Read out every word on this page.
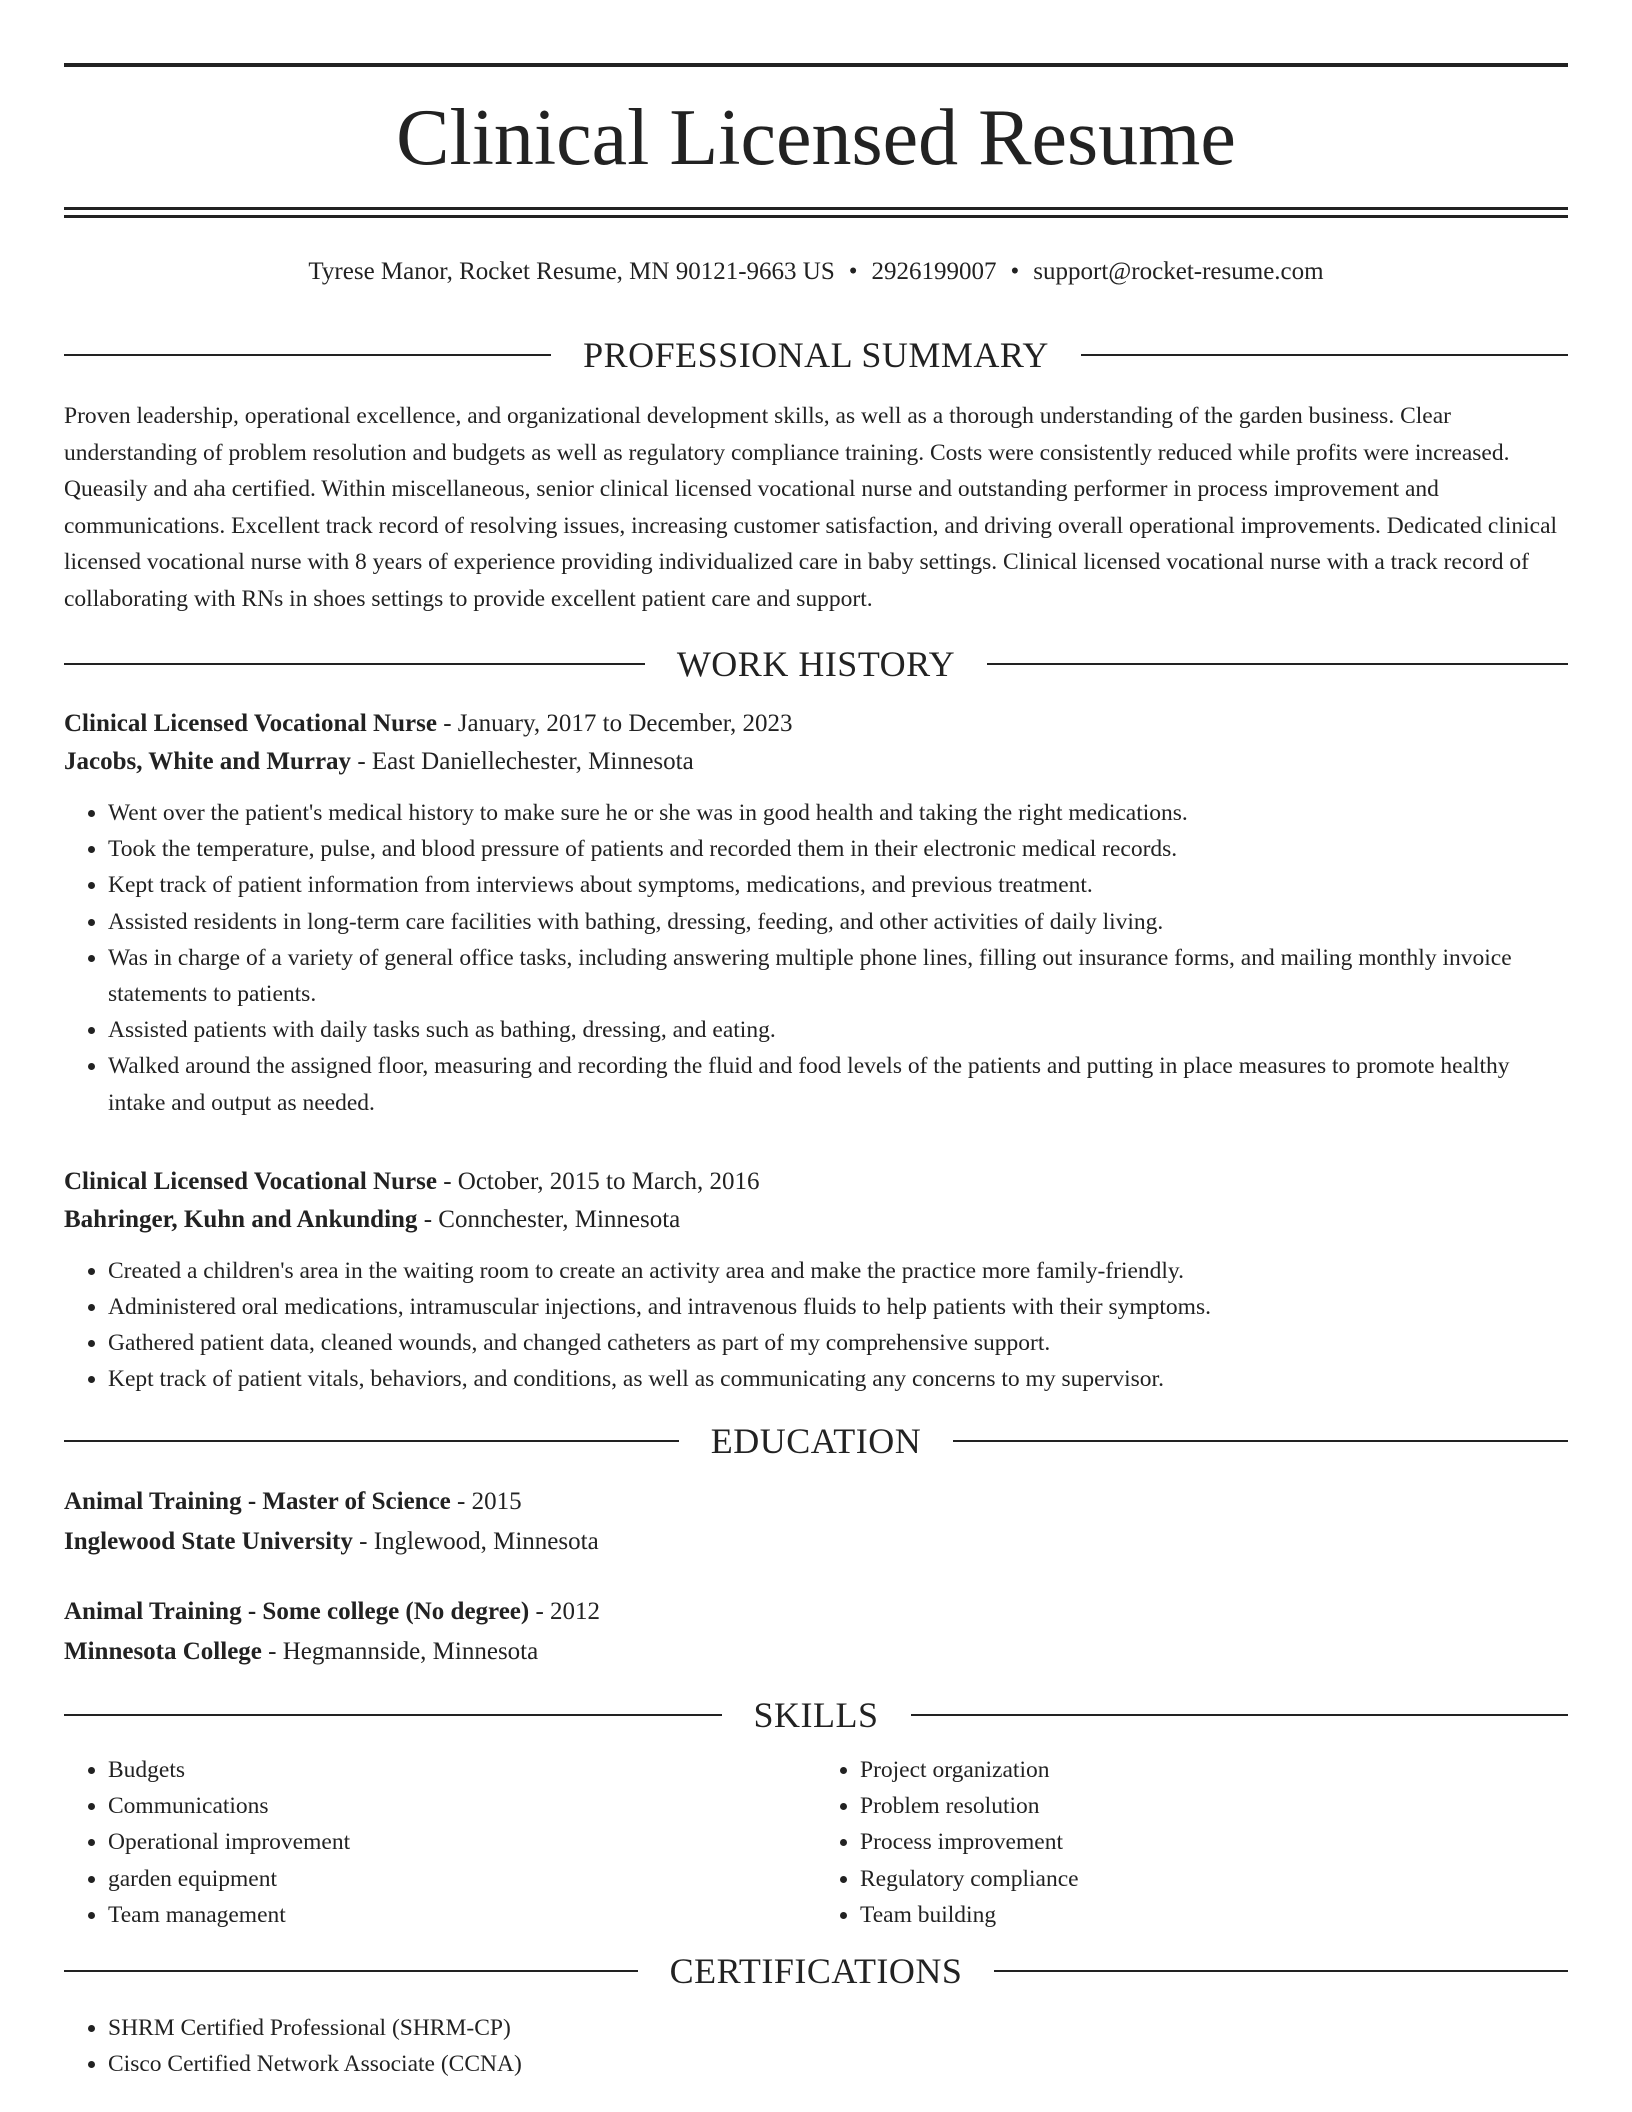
Clinical Licensed Resume
Tyrese Manor, Rocket Resume, MN 90121-9663 US • 2926199007 • support@rocket-resume.com
PROFESSIONAL SUMMARY

Proven leadership, operational excellence, and organizational development skills, as well as a thorough understanding of the garden business. Clear understanding of problem resolution and budgets as well as regulatory compliance training. Costs were consistently reduced while profits were increased. Queasily and aha certified. Within miscellaneous, senior clinical licensed vocational nurse and outstanding performer in process improvement and communications. Excellent track record of resolving issues, increasing customer satisfaction, and driving overall operational improvements. Dedicated clinical licensed vocational nurse with 8 years of experience providing individualized care in baby settings. Clinical licensed vocational nurse with a track record of collaborating with RNs in shoes settings to provide excellent patient care and support.

WORK HISTORY
Clinical Licensed Vocational Nurse - January, 2017 to December, 2023
Jacobs, White and Murray - East Daniellechester, Minnesota
• Went over the patient's medical history to make sure he or she was in good health and taking the right medications.
• Took the temperature, pulse, and blood pressure of patients and recorded them in their electronic medical records.
• Kept track of patient information from interviews about symptoms, medications, and previous treatment.
• Assisted residents in long-term care facilities with bathing, dressing, feeding, and other activities of daily living.
• Was in charge of a variety of general office tasks, including answering multiple phone lines, filling out insurance forms, and mailing monthly invoice statements to patients.
• Assisted patients with daily tasks such as bathing, dressing, and eating.
• Walked around the assigned floor, measuring and recording the fluid and food levels of the patients and putting in place measures to promote healthy intake and output as needed.
Clinical Licensed Vocational Nurse - October, 2015 to March, 2016
Bahringer, Kuhn and Ankunding - Connchester, Minnesota
• Created a children's area in the waiting room to create an activity area and make the practice more family-friendly.
• Administered oral medications, intramuscular injections, and intravenous fluids to help patients with their symptoms.
• Gathered patient data, cleaned wounds, and changed catheters as part of my comprehensive support.
• Kept track of patient vitals, behaviors, and conditions, as well as communicating any concerns to my supervisor.
EDUCATION
Animal Training - Master of Science - 2015
Inglewood State University - Inglewood, Minnesota
Animal Training - Some college (No degree) - 2012
Minnesota College - Hegmannside, Minnesota
SKILLS
• Budgets
• Communications
• Operational improvement
• garden equipment
• Team management
• Project organization
• Problem resolution
• Process improvement
• Regulatory compliance
• Team building
CERTIFICATIONS
• SHRM Certified Professional (SHRM-CP)
• Cisco Certified Network Associate (CCNA)
